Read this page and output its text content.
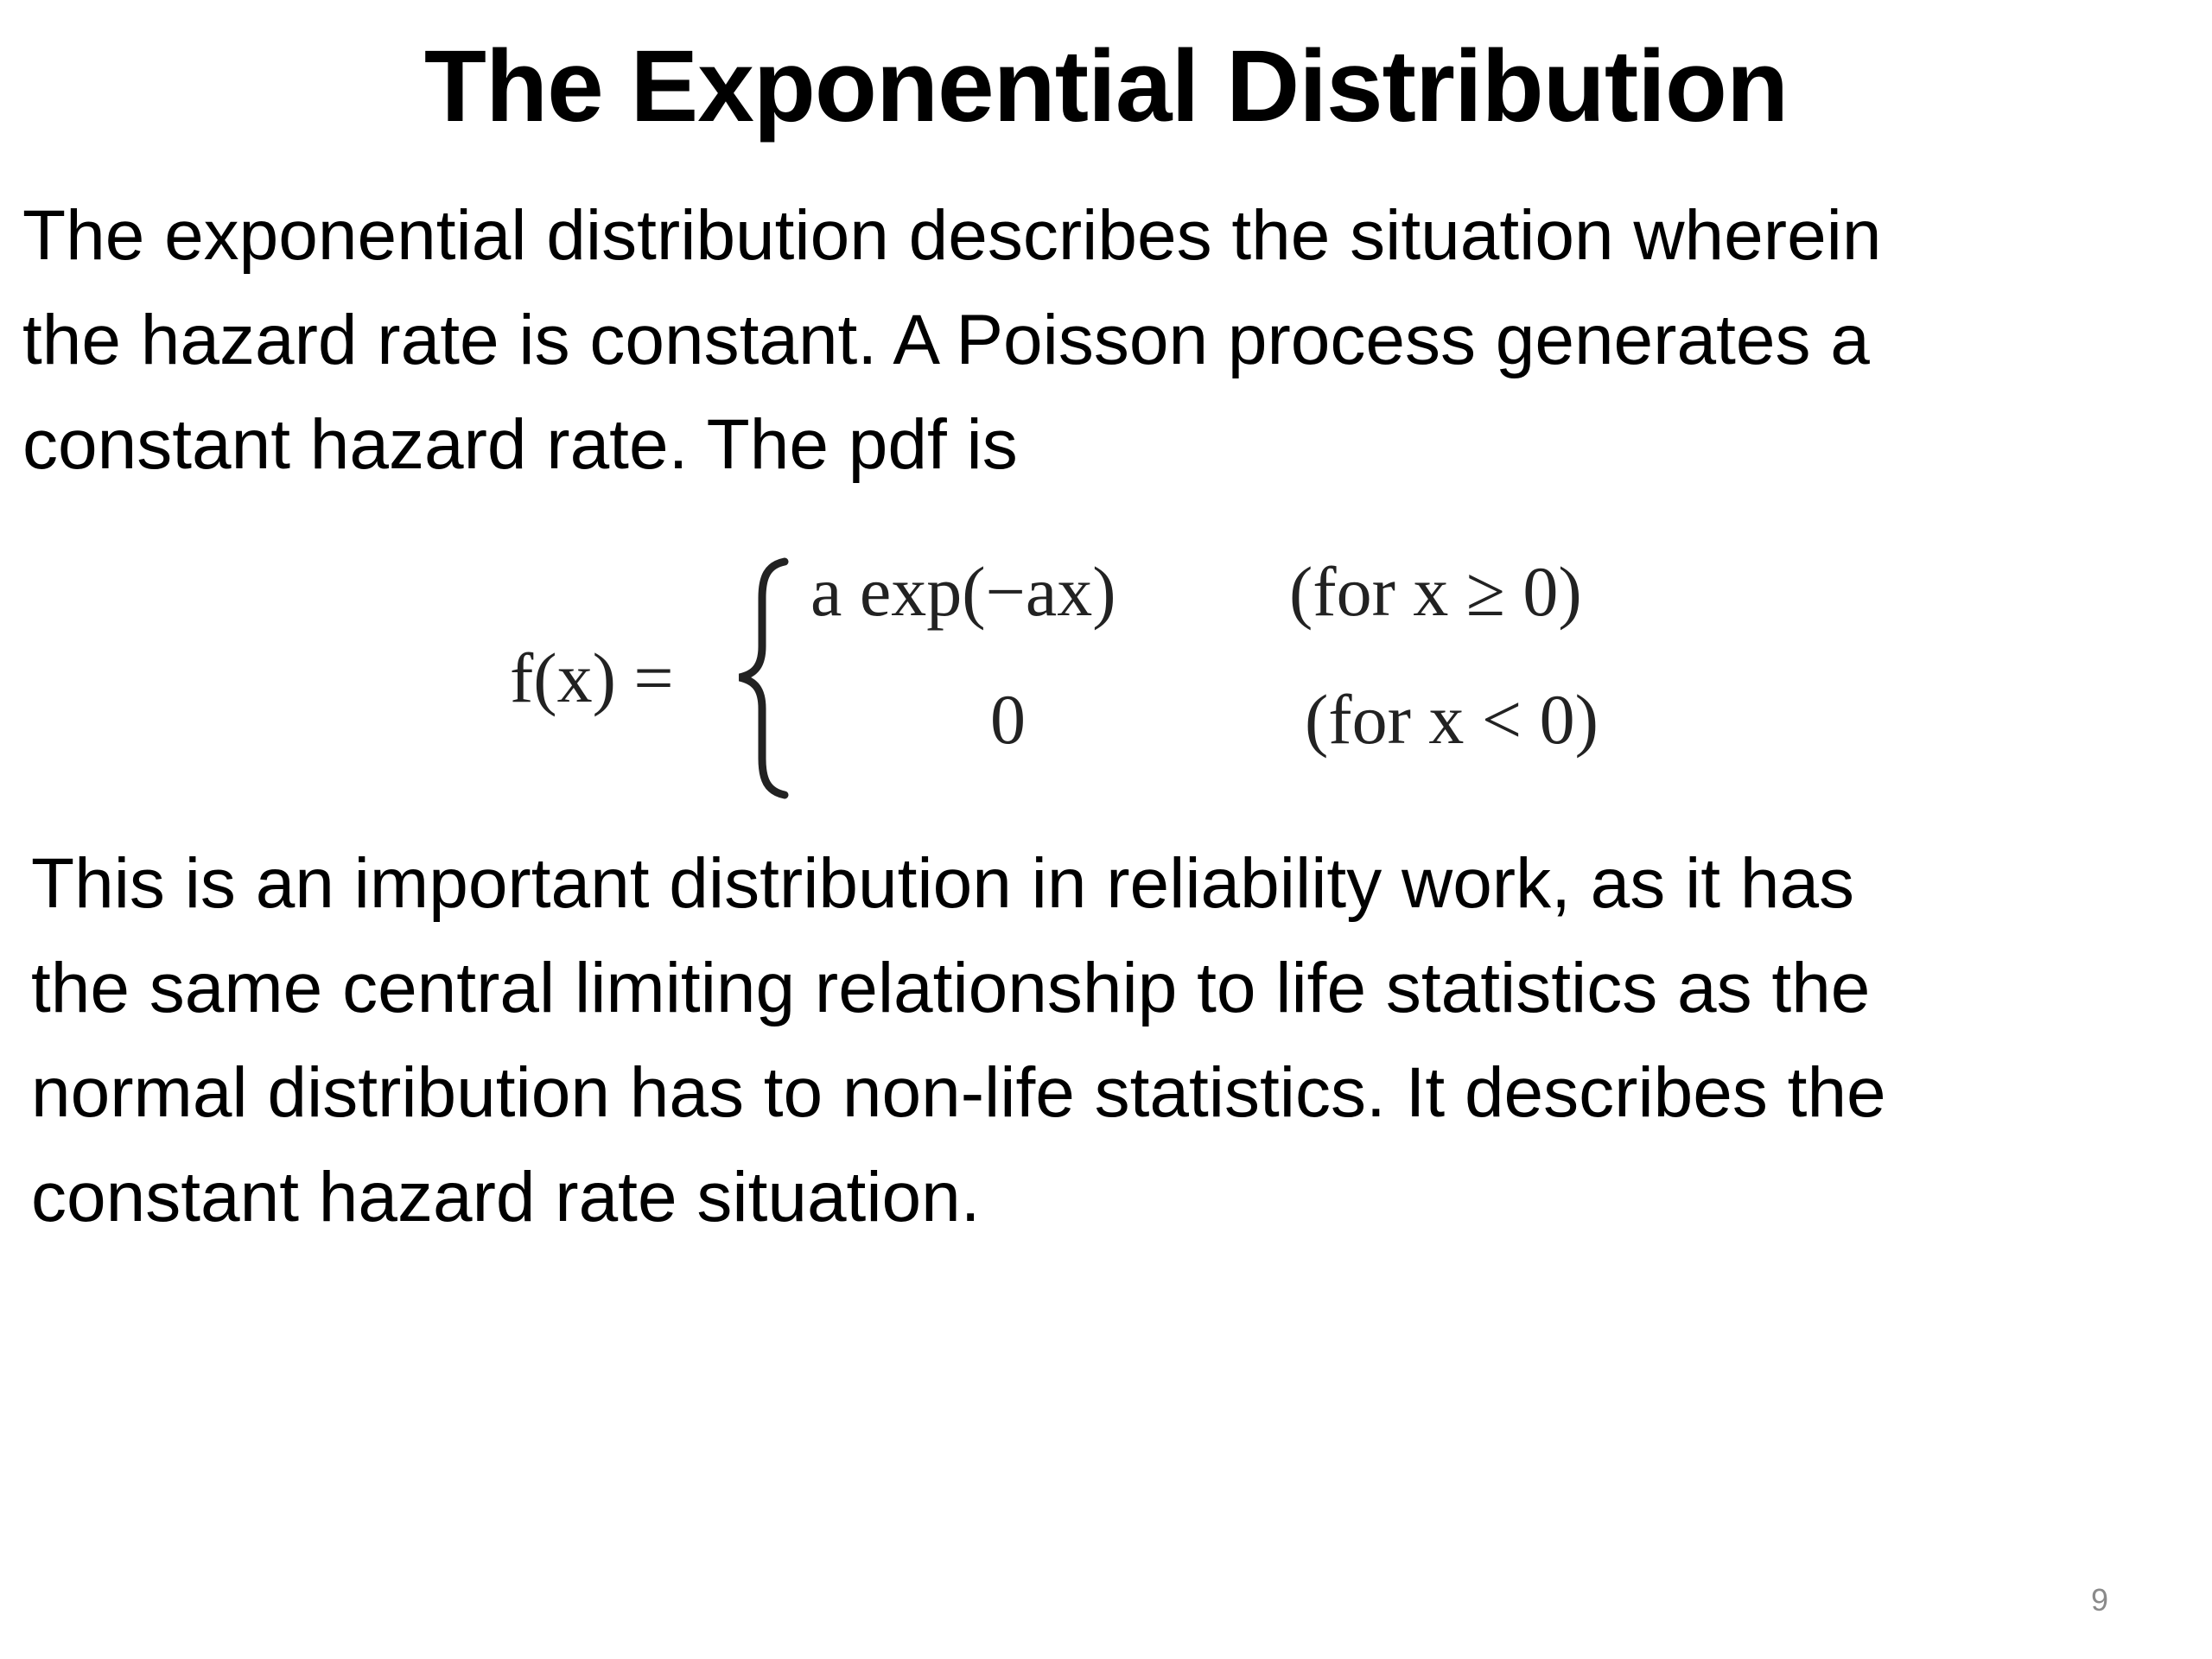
The Exponential Distribution

The exponential distribution describes the situation wherein
the hazard rate is constant. A Poisson process generates a
constant hazard rate. The pdf is

f(x) =
a exp(−ax) (for x ≥ 0)
0	(for x < 0)

This is an important distribution in reliability work, as it has
the same central limiting relationship to life statistics as the
normal distribution has to non-life statistics. It describes the
constant hazard rate situation.

9
